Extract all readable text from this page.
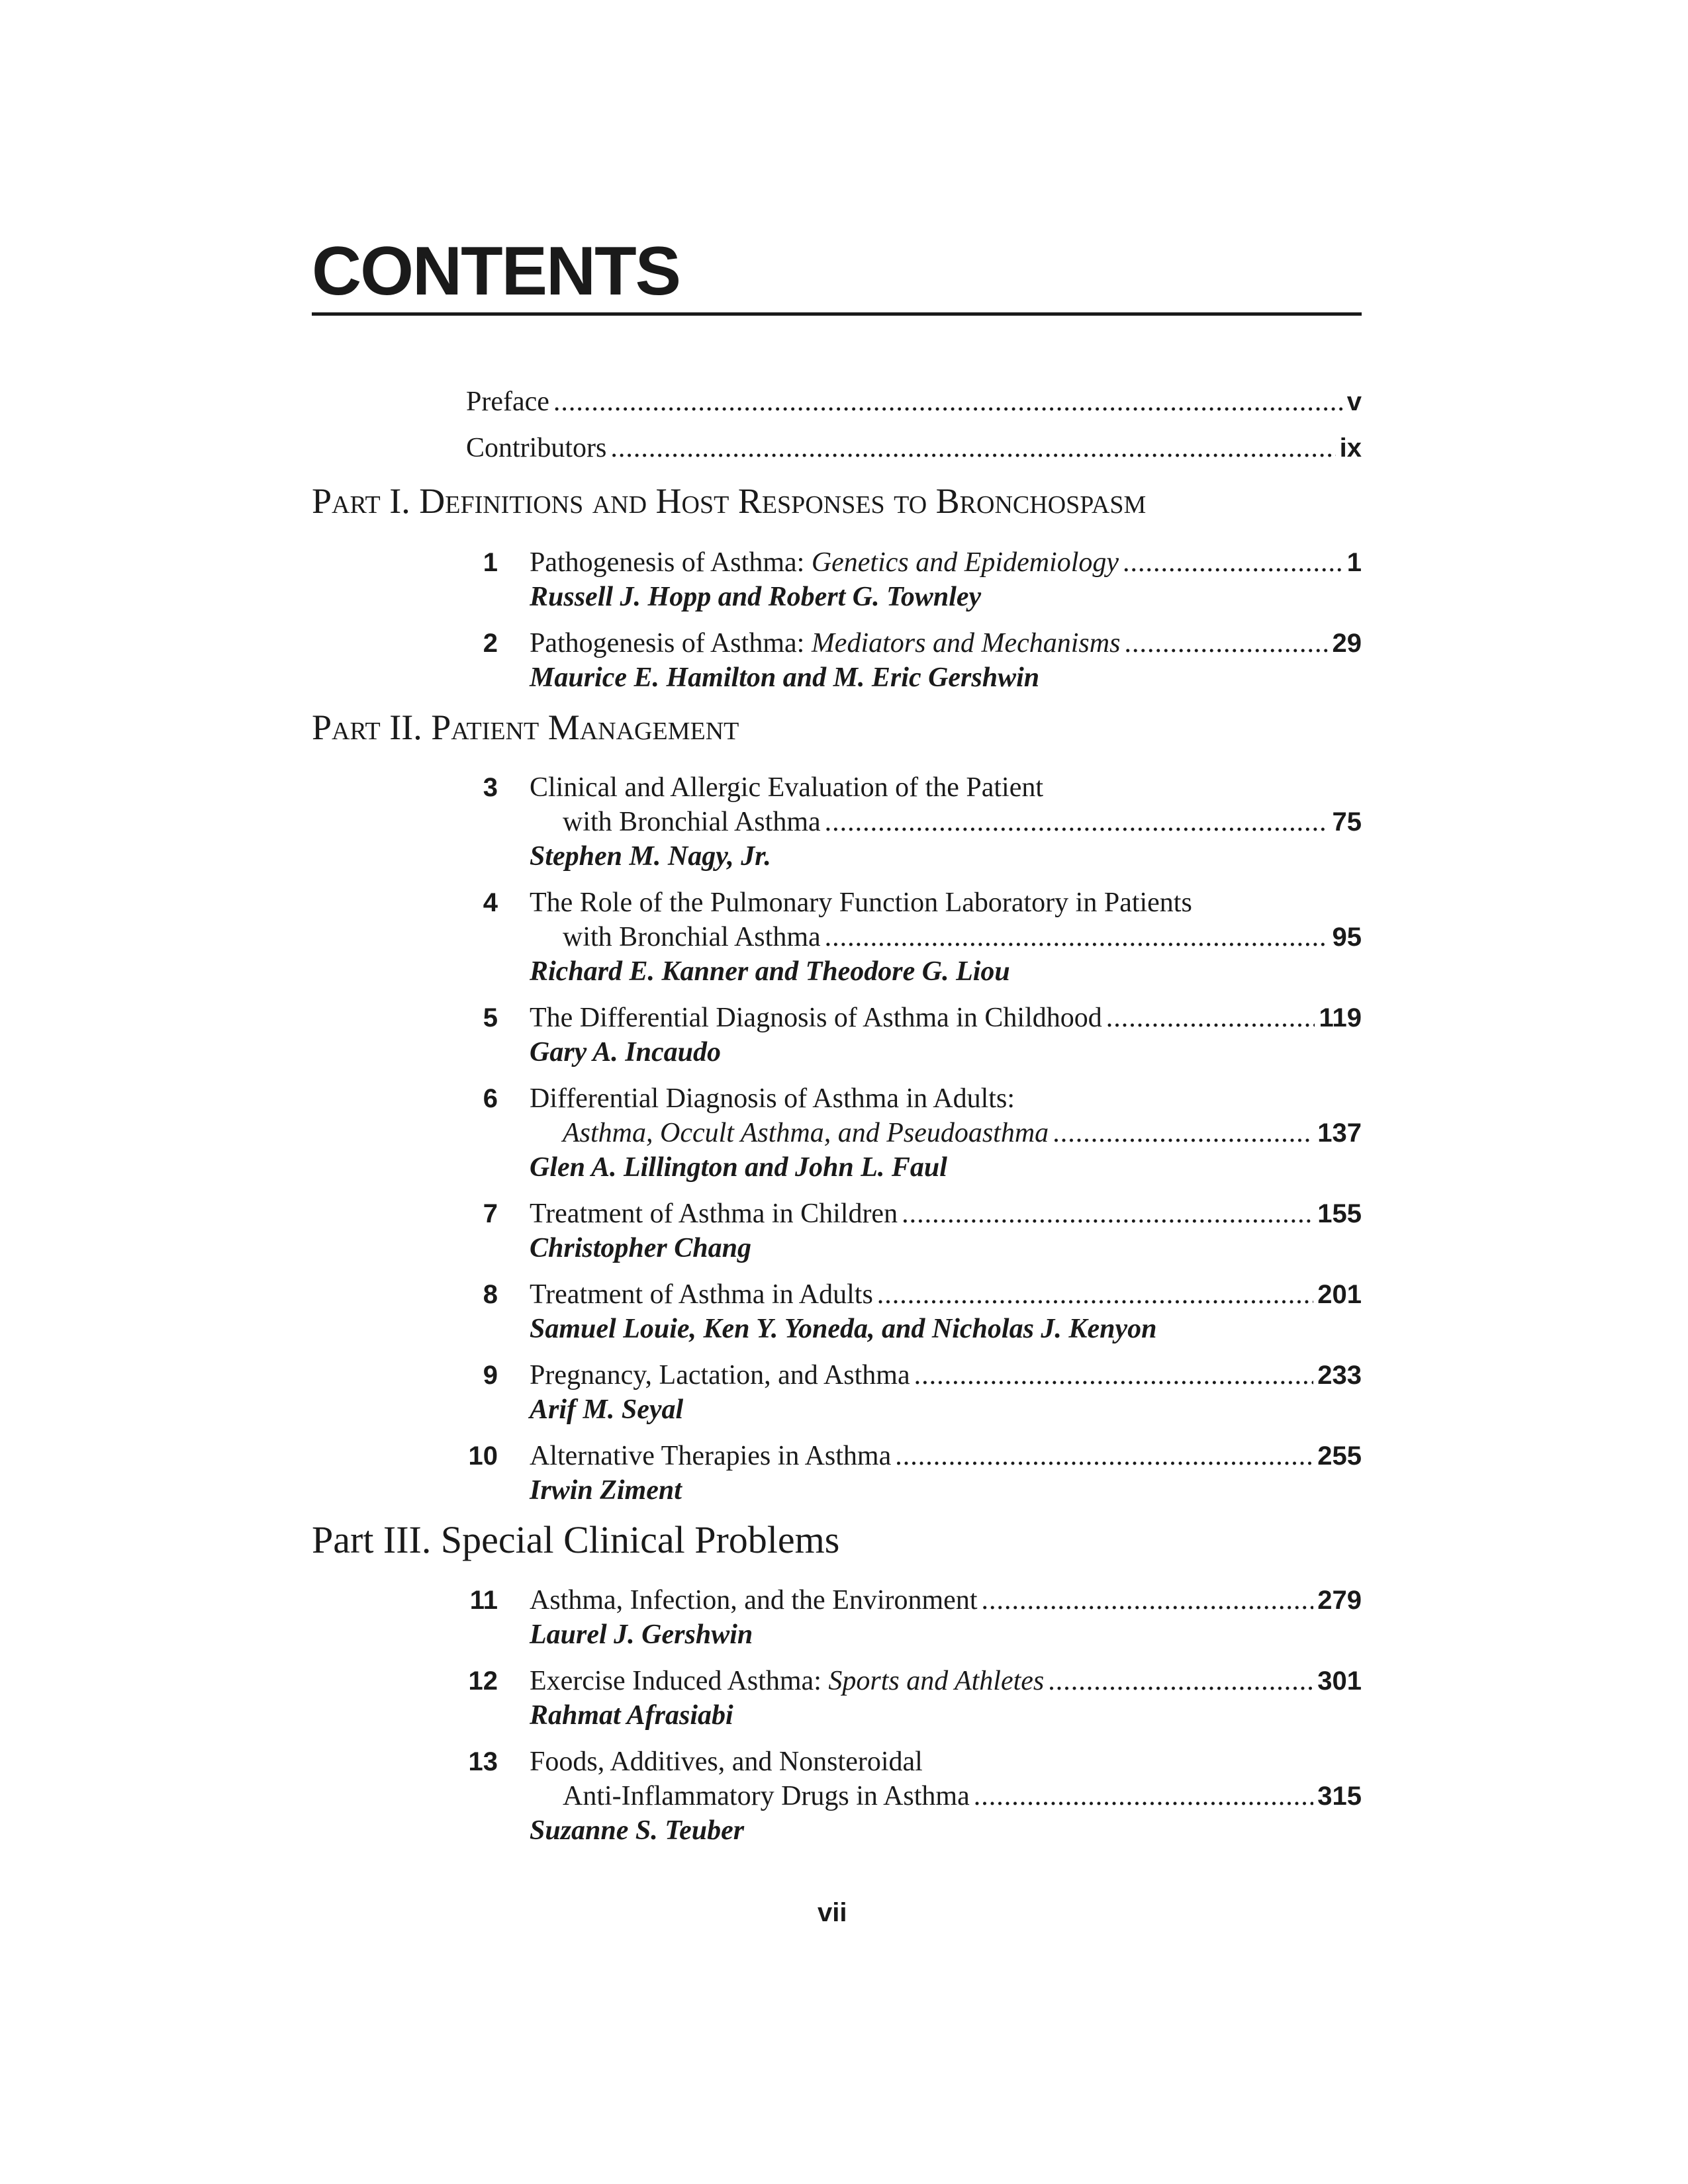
CONTENTS
Preface .....	v
Contributors .....	ix
Part I. Definitions and Host Responses to Bronchospasm
1 Pathogenesis of Asthma:
Genetics and Epidemiology .....	1
Russell J. Hopp and Robert G. Townley
2 Pathogenesis of Asthma:
Mediators and Mechanisms .....	29
Maurice E. Hamilton and M. Eric Gershwin
Part II. Patient Management
3 Clinical and Allergic Evaluation of the Patient
with Bronchial Asthma .....	75
Stephen M. Nagy, Jr.
4 The Role of the Pulmonary Function Laboratory in Patients
with Bronchial Asthma .....	95
Richard E. Kanner and Theodore G. Liou
5 The Differential Diagnosis of Asthma in Childhood .....	119
Gary A. Incaudo
6 Differential Diagnosis of Asthma in Adults:
Asthma, Occult Asthma, and Pseudoasthma .....	137
Glen A. Lillington and John L. Faul
7 Treatment of Asthma in Children .....	155
Christopher Chang
8 Treatment of Asthma in Adults .....	201
Samuel Louie, Ken Y. Yoneda, and Nicholas J. Kenyon
9 Pregnancy, Lactation, and Asthma .....	233
Arif M. Seyal
10 Alternative Therapies in Asthma .....	255
Irwin Ziment
Part III. Special Clinical Problems
11 Asthma, Infection, and the Environment .....	279
Laurel J. Gershwin
12 Exercise Induced Asthma:
Sports and Athletes .....	301
Rahmat Afrasiabi
13 Foods, Additives, and Nonsteroidal
Anti-Inflammatory Drugs in Asthma .....	315
Suzanne S. Teuber
vii
